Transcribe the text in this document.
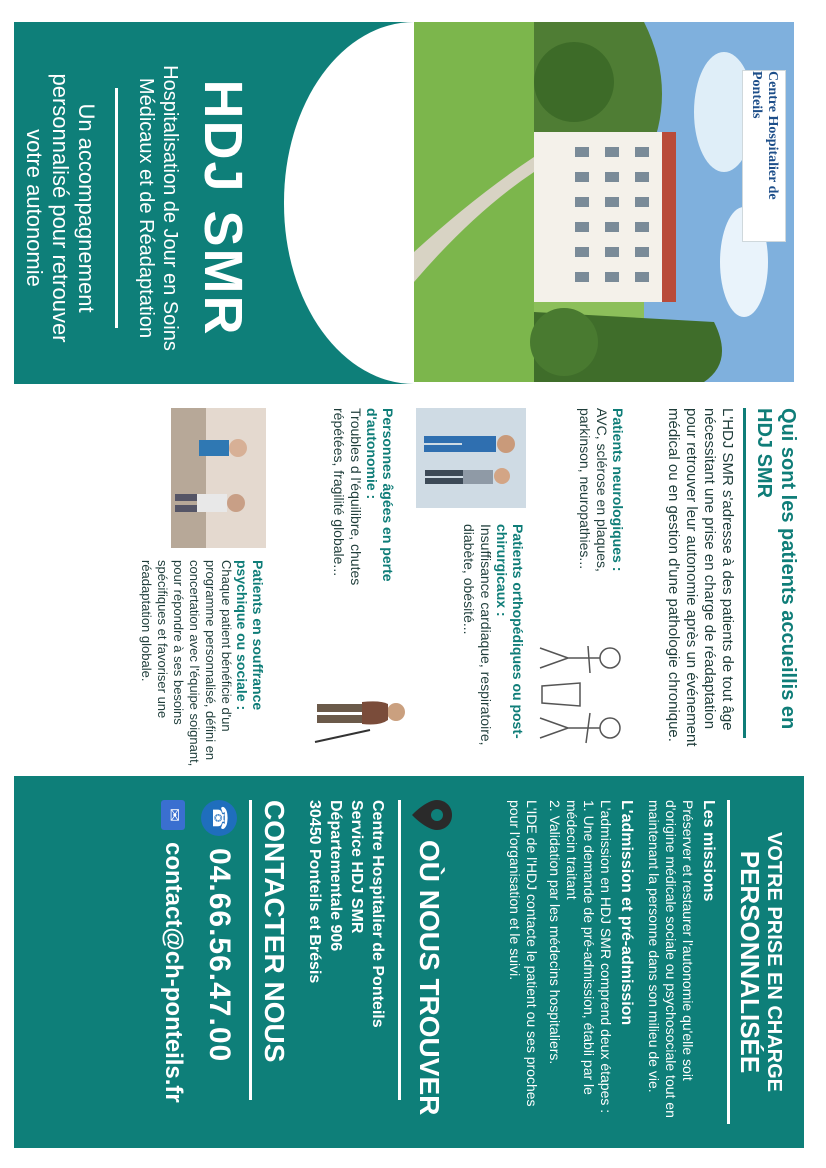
Centre Hospitalier de Ponteils
HDJ SMR

Hospitalisation de Jour en Soins Médicaux et de Réadaptation

Un accompagnement personnalisé pour retrouver votre autonomie

Qui sont les patients accueillis en HDJ SMR

L'HDJ SMR s'adresse à des patients de tout âge nécessitant une prise en charge de réadaptation pour retrouver leur autonomie après un événement médical ou en gestion d'une pathologie chronique.

Patients neurologiques :

AVC, sclérose en plaques, parkinson, neuropathies...

Patients orthopédiques ou post-chirurgicaux :

Insuffisance cardiaque, respiratoire, diabète, obésité...

Personnes âgées en perte d'autonomie :

Troubles d l'équilibre, chutes répétées, fragilité globale...

Patients en souffrance psychique ou sociale :

Chaque patient bénéficie d'un programme personnalisé, défini en concertation avec l'équipe soignant, pour répondre à ses besoins spécifiques et favoriser une réadaptation globale.

VOTRE PRISE EN CHARGE
PERSONNALISÉE
Les missions

Préserver et restaurer l'autonomie qu'elle soit d'origine médicale sociale ou psychosociale tout en maintenant la personne dans son milieu de vie.

L'admission et pré-admission

L'admission en HDJ SMR comprend deux étapes :

1. Une demande de pré-admission, établi par le médecin traitant

2. Validation par les médecins hospitaliers.

L'IDE de l'HDJ contacte le patient ou ses proches pour l'organisation et le suivi.

OÙ NOUS TROUVER

Centre Hospitalier de Ponteils

Service HDJ SMR

Départementale 906

30450 Ponteils et Brésis

CONTACTER NOUS
☎
04.66.56.47.00
✉
contact@ch-ponteils.fr
